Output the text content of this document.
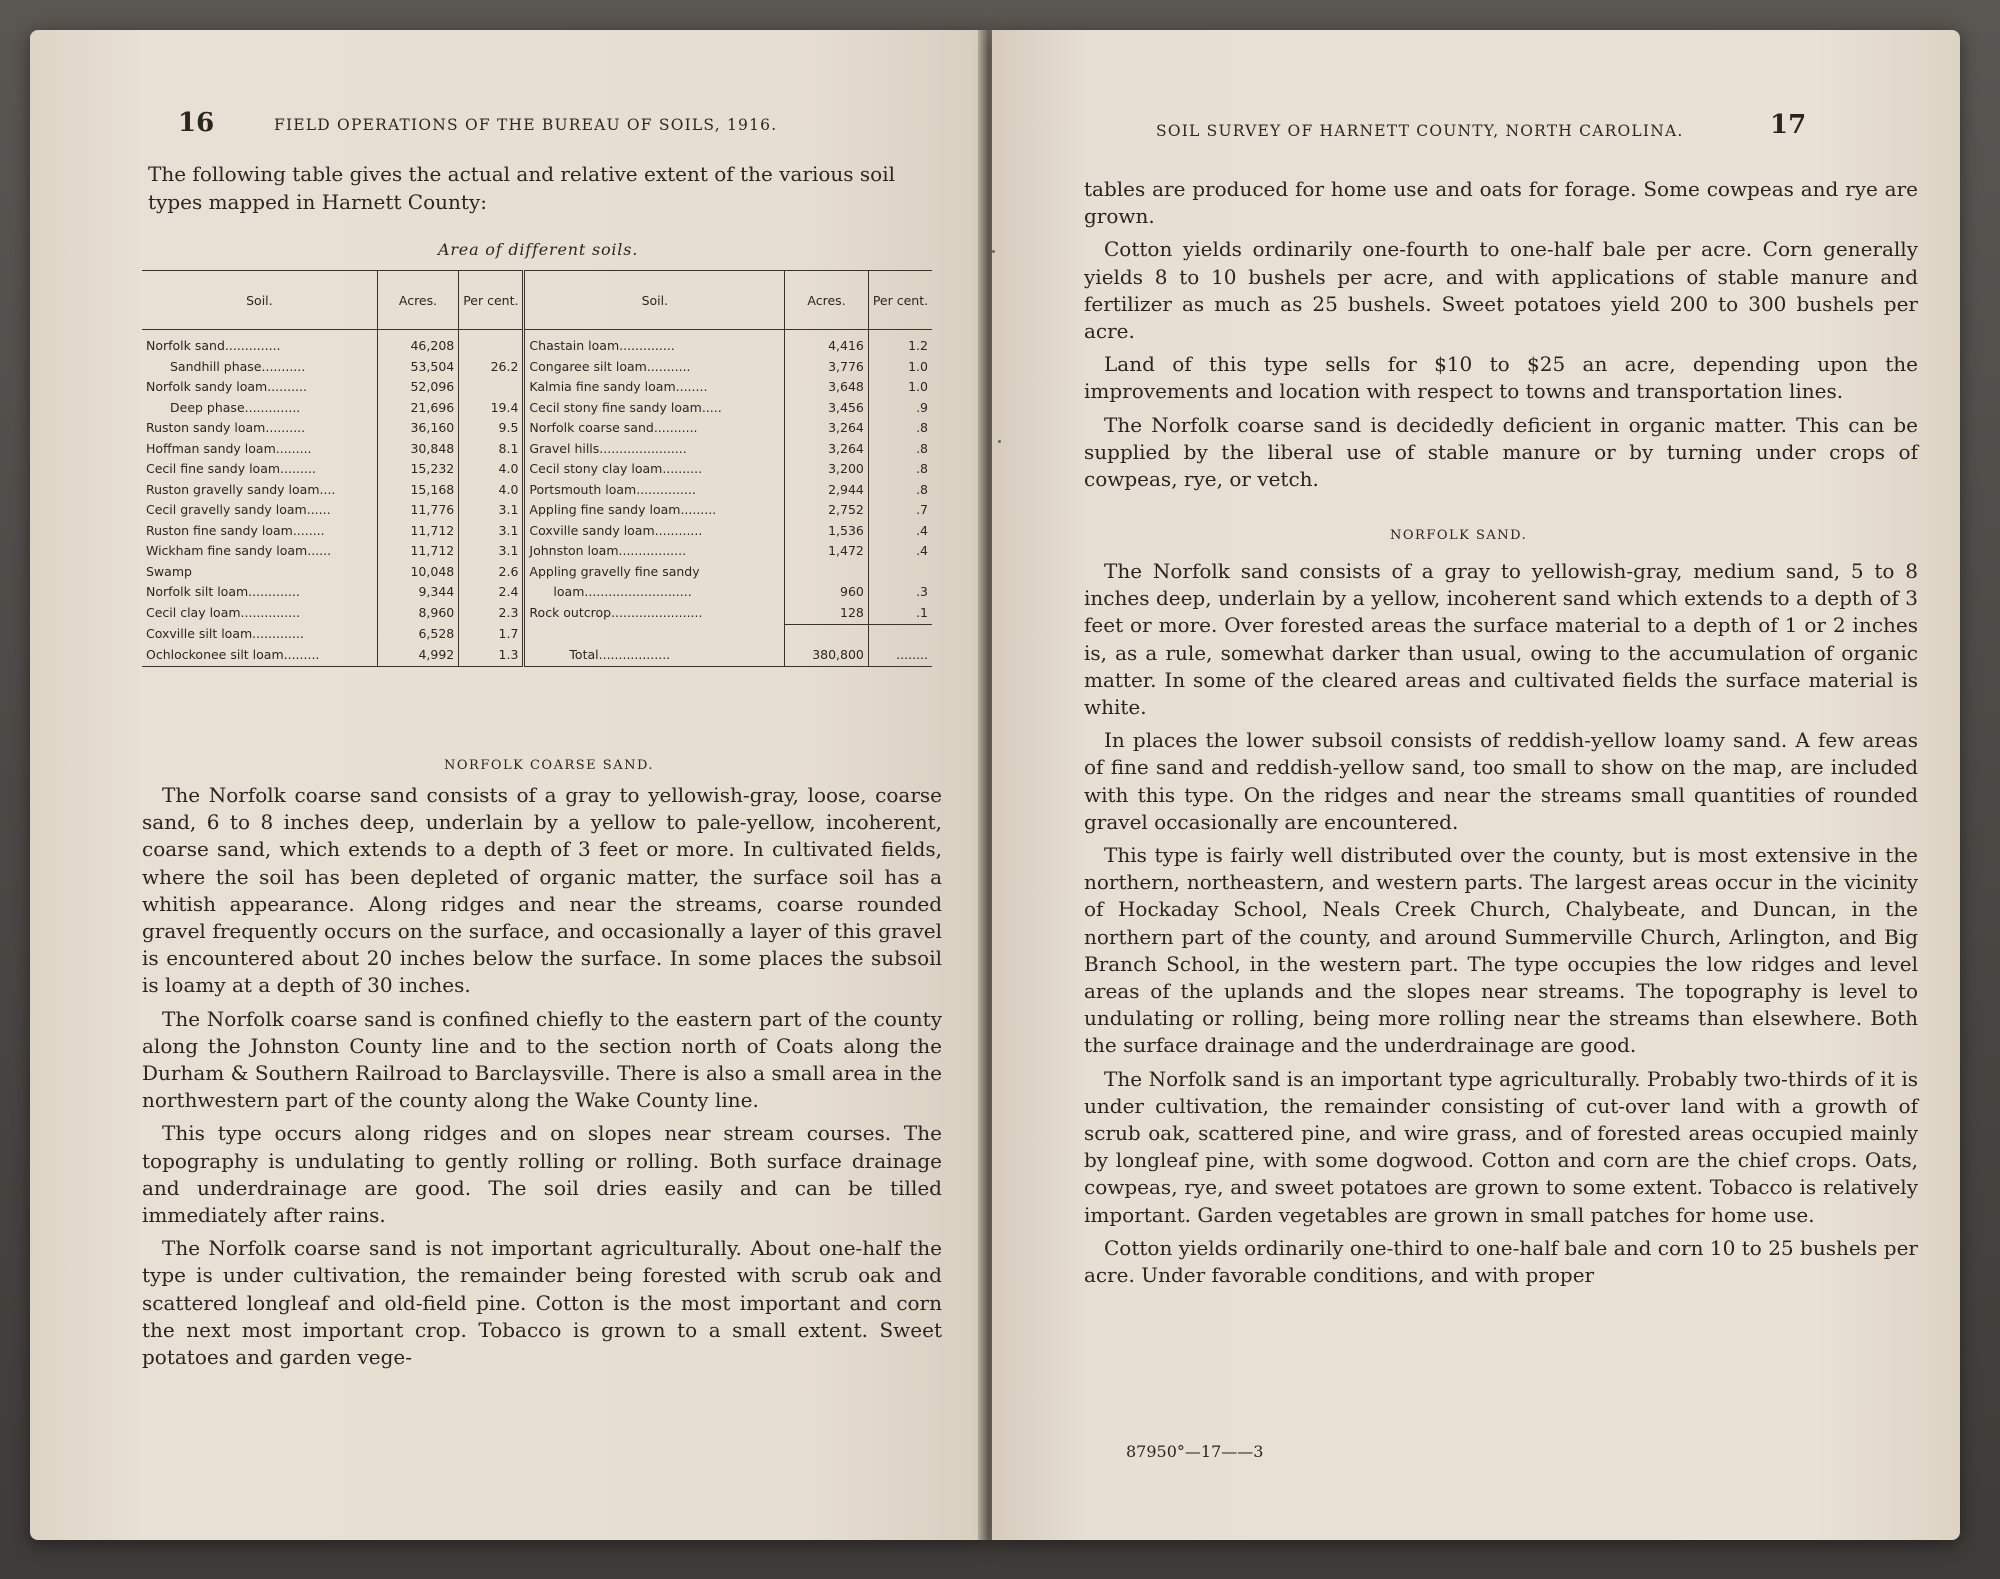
16	FIELD OPERATIONS OF THE BUREAU OF SOILS, 1916.

The following table gives the actual and relative extent of the various soil types mapped in Harnett County:

Area of different soils.
Soil.	Acres.	Per cent.	Soil.	Acres.	Per cent.
Norfolk sand..............	46,208		Chastain loam..............	4,416	1.2
Sandhill phase...........	53,504	26.2	Congaree silt loam...........	3,776	1.0
Norfolk sandy loam..........	52,096		Kalmia fine sandy loam........	3,648	1.0
Deep phase..............	21,696	19.4	Cecil stony fine sandy loam.....	3,456	.9
Ruston sandy loam..........	36,160	9.5	Norfolk coarse sand...........	3,264	.8
Hoffman sandy loam.........	30,848	8.1	Gravel hills......................	3,264	.8
Cecil fine sandy loam.........	15,232	4.0	Cecil stony clay loam..........	3,200	.8
Ruston gravelly sandy loam....	15,168	4.0	Portsmouth loam...............	2,944	.8
Cecil gravelly sandy loam......	11,776	3.1	Appling fine sandy loam.........	2,752	.7
Ruston fine sandy loam........	11,712	3.1	Coxville sandy loam............	1,536	.4
Wickham fine sandy loam......	11,712	3.1	Johnston loam.................	1,472	.4
Swamp	10,048	2.6	Appling gravelly fine sandy		
Norfolk silt loam.............	9,344	2.4	loam...........................	960	.3
Cecil clay loam...............	8,960	2.3	Rock outcrop.......................	128	.1
Coxville silt loam.............	6,528	1.7			
Ochlockonee silt loam.........	4,992	1.3	Total..................	380,800	........
NORFOLK COARSE SAND.

The Norfolk coarse sand consists of a gray to yellowish-gray, loose, coarse sand, 6 to 8 inches deep, underlain by a yellow to pale-yellow, incoherent, coarse sand, which extends to a depth of 3 feet or more. In cultivated fields, where the soil has been depleted of organic matter, the surface soil has a whitish appearance. Along ridges and near the streams, coarse rounded gravel frequently occurs on the surface, and occasionally a layer of this gravel is encountered about 20 inches below the surface. In some places the subsoil is loamy at a depth of 30 inches.

The Norfolk coarse sand is confined chiefly to the eastern part of the county along the Johnston County line and to the section north of Coats along the Durham & Southern Railroad to Barclaysville. There is also a small area in the northwestern part of the county along the Wake County line.

This type occurs along ridges and on slopes near stream courses. The topography is undulating to gently rolling or rolling. Both surface drainage and underdrainage are good. The soil dries easily and can be tilled immediately after rains.

The Norfolk coarse sand is not important agriculturally. About one-half the type is under cultivation, the remainder being forested with scrub oak and scattered longleaf and old-field pine. Cotton is the most important and corn the next most important crop. Tobacco is grown to a small extent. Sweet potatoes and garden vege-

SOIL SURVEY OF HARNETT COUNTY, NORTH CAROLINA.	17

tables are produced for home use and oats for forage. Some cowpeas and rye are grown.

Cotton yields ordinarily one-fourth to one-half bale per acre. Corn generally yields 8 to 10 bushels per acre, and with applications of stable manure and fertilizer as much as 25 bushels. Sweet potatoes yield 200 to 300 bushels per acre.

Land of this type sells for $10 to $25 an acre, depending upon the improvements and location with respect to towns and transportation lines.

The Norfolk coarse sand is decidedly deficient in organic matter. This can be supplied by the liberal use of stable manure or by turning under crops of cowpeas, rye, or vetch.

NORFOLK SAND.

The Norfolk sand consists of a gray to yellowish-gray, medium sand, 5 to 8 inches deep, underlain by a yellow, incoherent sand which extends to a depth of 3 feet or more. Over forested areas the surface material to a depth of 1 or 2 inches is, as a rule, somewhat darker than usual, owing to the accumulation of organic matter. In some of the cleared areas and cultivated fields the surface material is white.

In places the lower subsoil consists of reddish-yellow loamy sand. A few areas of fine sand and reddish-yellow sand, too small to show on the map, are included with this type. On the ridges and near the streams small quantities of rounded gravel occasionally are encountered.

This type is fairly well distributed over the county, but is most extensive in the northern, northeastern, and western parts. The largest areas occur in the vicinity of Hockaday School, Neals Creek Church, Chalybeate, and Duncan, in the northern part of the county, and around Summerville Church, Arlington, and Big Branch School, in the western part. The type occupies the low ridges and level areas of the uplands and the slopes near streams. The topography is level to undulating or rolling, being more rolling near the streams than elsewhere. Both the surface drainage and the underdrainage are good.

The Norfolk sand is an important type agriculturally. Probably two-thirds of it is under cultivation, the remainder consisting of cut-over land with a growth of scrub oak, scattered pine, and wire grass, and of forested areas occupied mainly by longleaf pine, with some dogwood. Cotton and corn are the chief crops. Oats, cowpeas, rye, and sweet potatoes are grown to some extent. Tobacco is relatively important. Garden vegetables are grown in small patches for home use.

Cotton yields ordinarily one-third to one-half bale and corn 10 to 25 bushels per acre. Under favorable conditions, and with proper

87950°—17——3
